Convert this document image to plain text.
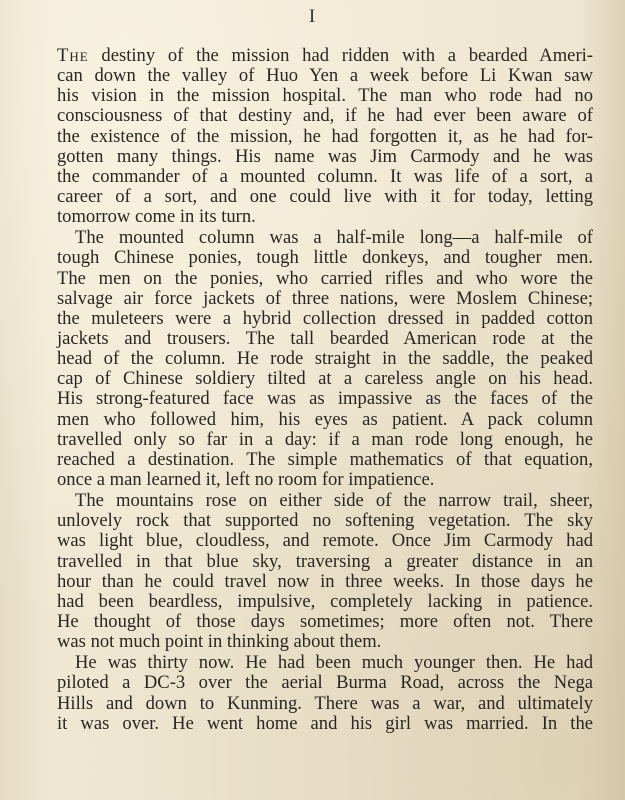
I
The destiny of the mission had ridden with a bearded Ameri-
can down the valley of Huo Yen a week before Li Kwan saw
his vision in the mission hospital. The man who rode had no
consciousness of that destiny and, if he had ever been aware of
the existence of the mission, he had forgotten it, as he had for-
gotten many things. His name was Jim Carmody and he was
the commander of a mounted column. It was life of a sort, a
career of a sort, and one could live with it for today, letting
tomorrow come in its turn.
The mounted column was a half-mile long—a half-mile of
tough Chinese ponies, tough little donkeys, and tougher men.
The men on the ponies, who carried rifles and who wore the
salvage air force jackets of three nations, were Moslem Chinese;
the muleteers were a hybrid collection dressed in padded cotton
jackets and trousers. The tall bearded American rode at the
head of the column. He rode straight in the saddle, the peaked
cap of Chinese soldiery tilted at a careless angle on his head.
His strong-featured face was as impassive as the faces of the
men who followed him, his eyes as patient. A pack column
travelled only so far in a day: if a man rode long enough, he
reached a destination. The simple mathematics of that equation,
once a man learned it, left no room for impatience.
The mountains rose on either side of the narrow trail, sheer,
unlovely rock that supported no softening vegetation. The sky
was light blue, cloudless, and remote. Once Jim Carmody had
travelled in that blue sky, traversing a greater distance in an
hour than he could travel now in three weeks. In those days he
had been beardless, impulsive, completely lacking in patience.
He thought of those days sometimes; more often not. There
was not much point in thinking about them.
He was thirty now. He had been much younger then. He had
piloted a DC-3 over the aerial Burma Road, across the Nega
Hills and down to Kunming. There was a war, and ultimately
it was over. He went home and his girl was married. In the
